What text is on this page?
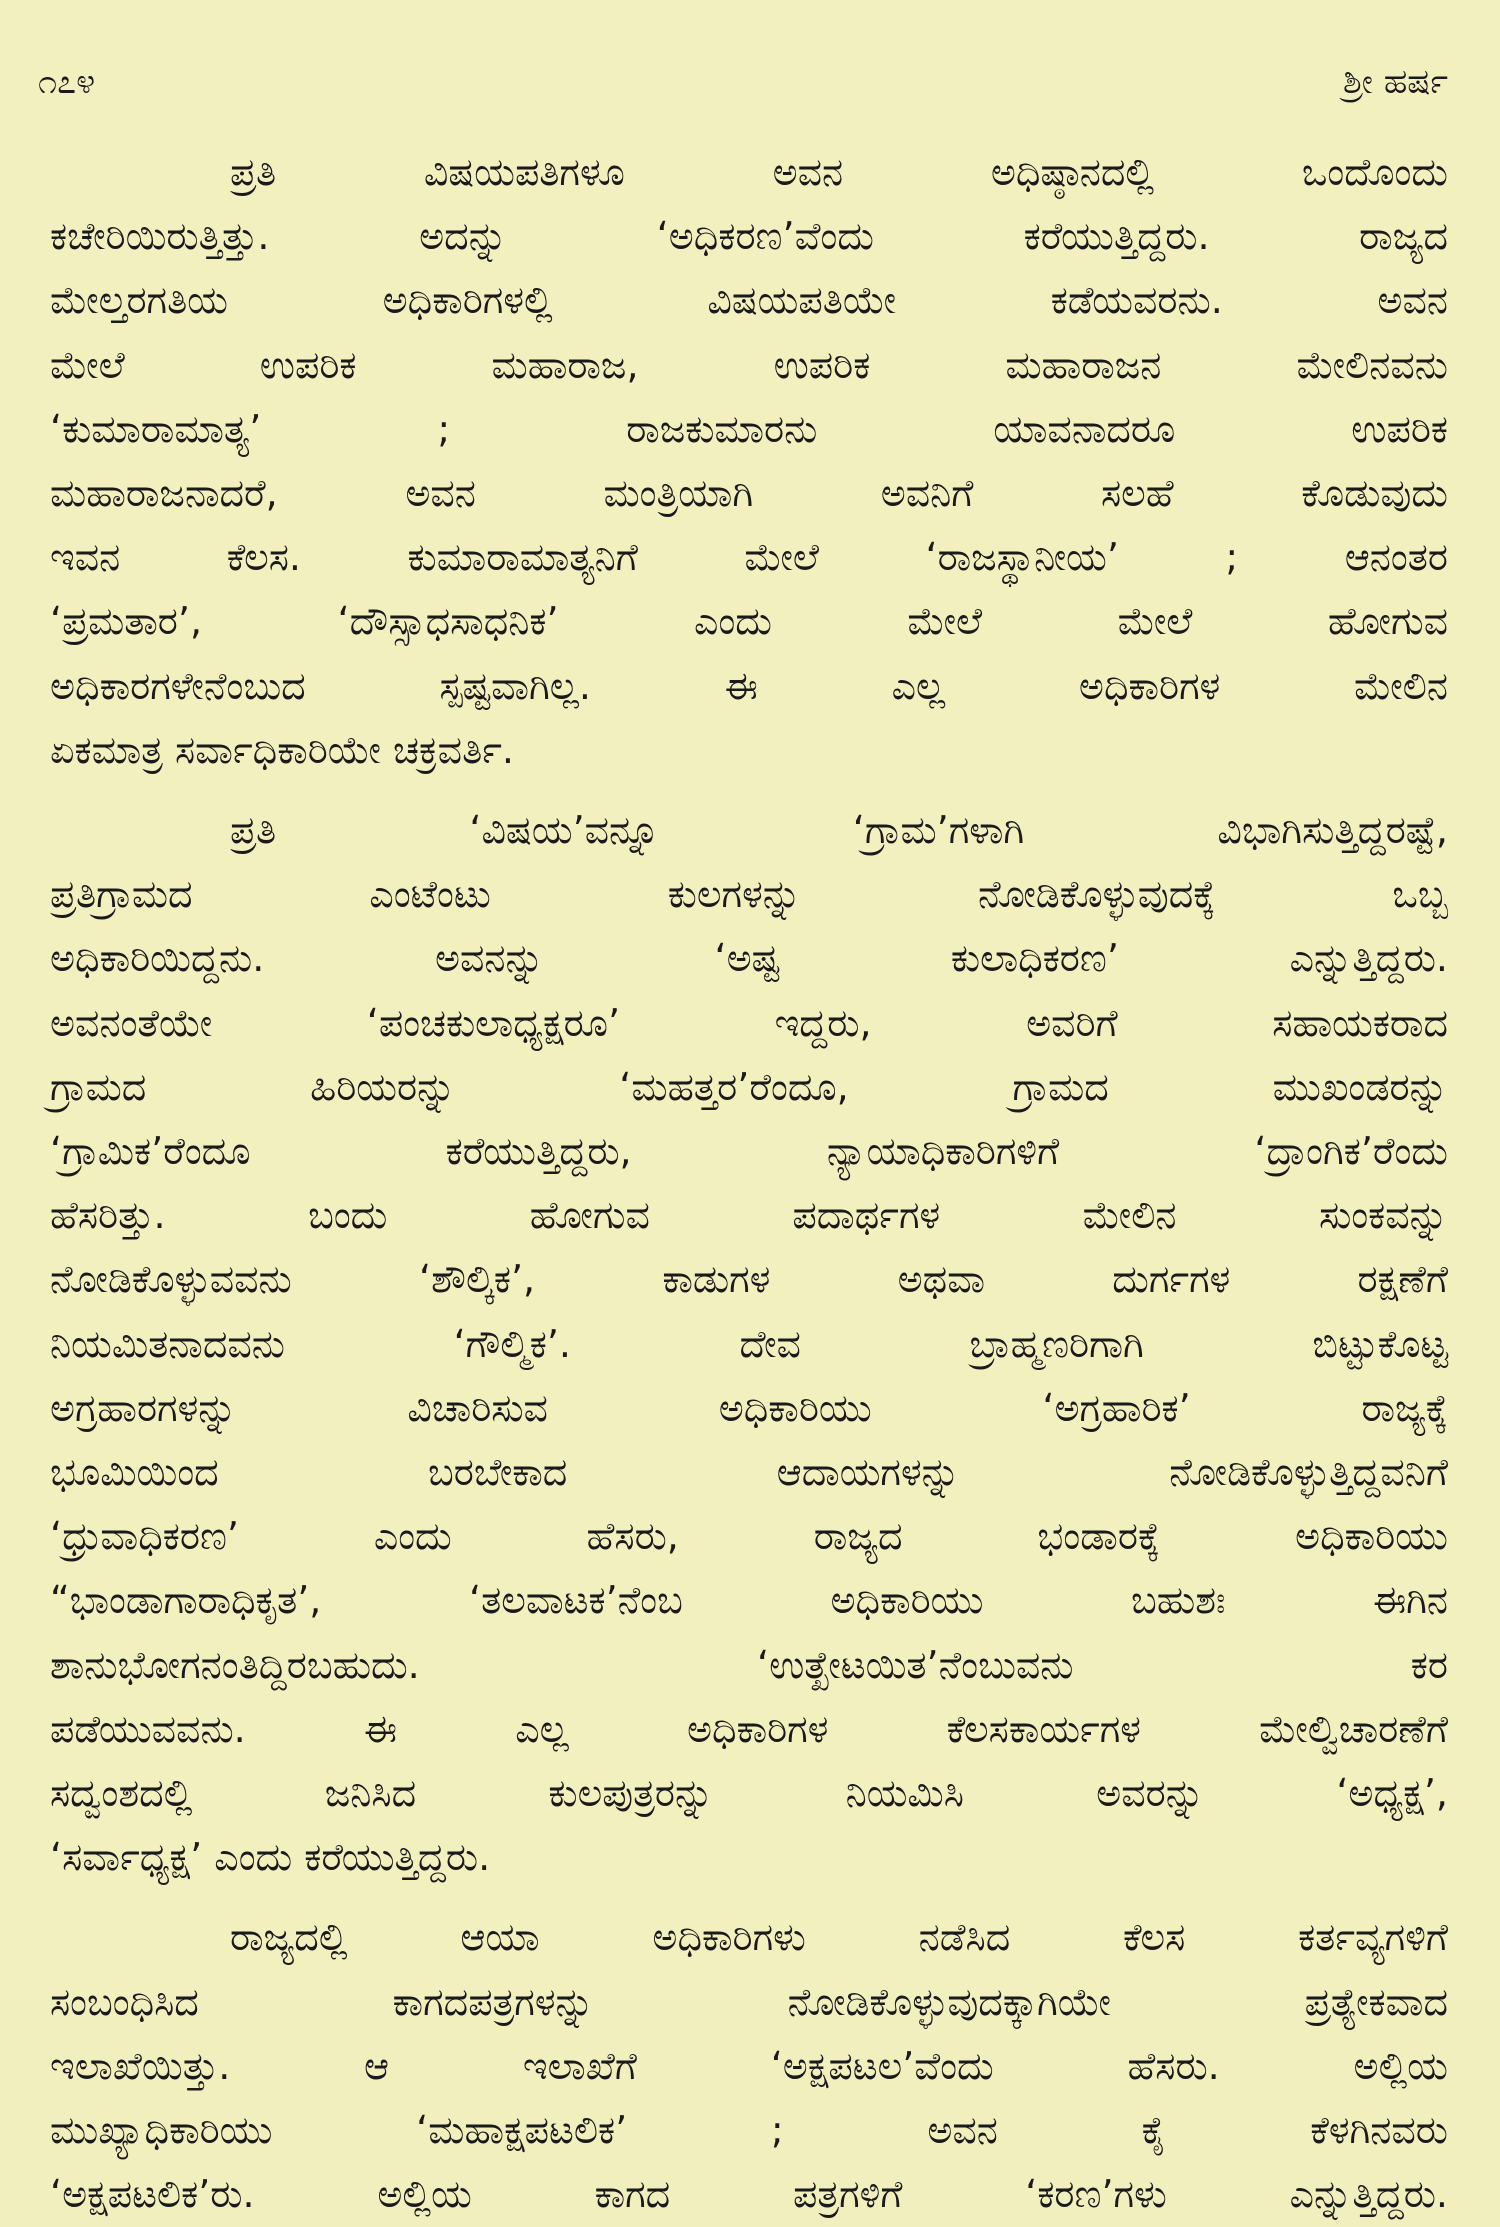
೧೭೪	ಶ್ರೀ ಹರ್ಷ
ಪ್ರತಿ ವಿಷಯಪತಿಗಳೂ ಅವನ ಅಧಿಷ್ಠಾನದಲ್ಲಿ ಒಂದೊಂದು
ಕಚೇರಿಯಿರುತ್ತಿತ್ತು. ಅದನ್ನು ‘ಅಧಿಕರಣ’ವೆಂದು ಕರೆಯುತ್ತಿದ್ದರು. ರಾಜ್ಯದ
ಮೇಲ್ತರಗತಿಯ ಅಧಿಕಾರಿಗಳಲ್ಲಿ ವಿಷಯಪತಿಯೇ ಕಡೆಯವರನು. ಅವನ
ಮೇಲೆ ಉಪರಿಕ ಮಹಾರಾಜ, ಉಪರಿಕ ಮಹಾರಾಜನ ಮೇಲಿನವನು
‘ಕುಮಾರಾಮಾತ್ಯ’ ; ರಾಜಕುಮಾರನು ಯಾವನಾದರೂ ಉಪರಿಕ
ಮಹಾರಾಜನಾದರೆ, ಅವನ ಮಂತ್ರಿಯಾಗಿ ಅವನಿಗೆ ಸಲಹೆ ಕೊಡುವುದು
ಇವನ ಕೆಲಸ. ಕುಮಾರಾಮಾತ್ಯನಿಗೆ ಮೇಲೆ ‘ರಾಜಸ್ಥಾನೀಯ’ ; ಆನಂತರ
‘ಪ್ರಮತಾರ’, ‘ದೌಸ್ಸಾಧಸಾಧನಿಕ’ ಎಂದು ಮೇಲೆ ಮೇಲೆ ಹೋಗುವ
ಅಧಿಕಾರಗಳೇನೆಂಬುದ ಸ್ಪಷ್ಟವಾಗಿಲ್ಲ. ಈ ಎಲ್ಲ ಅಧಿಕಾರಿಗಳ ಮೇಲಿನ
ಏಕಮಾತ್ರ ಸರ್ವಾಧಿಕಾರಿಯೇ ಚಕ್ರವರ್ತಿ.
ಪ್ರತಿ ‘ವಿಷಯ’ವನ್ನೂ ‘ಗ್ರಾಮ’ಗಳಾಗಿ ವಿಭಾಗಿಸುತ್ತಿದ್ದರಷ್ಟೆ,
ಪ್ರತಿಗ್ರಾಮದ ಎಂಟೆಂಟು ಕುಲಗಳನ್ನು ನೋಡಿಕೊಳ್ಳುವುದಕ್ಕೆ ಒಬ್ಬ
ಅಧಿಕಾರಿಯಿದ್ದನು. ಅವನನ್ನು ‘ಅಷ್ಟ ಕುಲಾಧಿಕರಣ’ ಎನ್ನುತ್ತಿದ್ದರು.
ಅವನಂತೆಯೇ ‘ಪಂಚಕುಲಾಧ್ಯಕ್ಷರೂ’ ಇದ್ದರು, ಅವರಿಗೆ ಸಹಾಯಕರಾದ
ಗ್ರಾಮದ ಹಿರಿಯರನ್ನು ‘ಮಹತ್ತರ’ರೆಂದೂ, ಗ್ರಾಮದ ಮುಖಂಡರನ್ನು
‘ಗ್ರಾಮಿಕ’ರೆಂದೂ ಕರೆಯುತ್ತಿದ್ದರು, ನ್ಯಾಯಾಧಿಕಾರಿಗಳಿಗೆ ‘ದ್ರಾಂಗಿಕ’ರೆಂದು
ಹೆಸರಿತ್ತು. ಬಂದು ಹೋಗುವ ಪದಾರ್ಥಗಳ ಮೇಲಿನ ಸುಂಕವನ್ನು
ನೋಡಿಕೊಳ್ಳುವವನು ‘ಶೌಲ್ಕಿಕ’, ಕಾಡುಗಳ ಅಥವಾ ದುರ್ಗಗಳ ರಕ್ಷಣೆಗೆ
ನಿಯಮಿತನಾದವನು ‘ಗೌಲ್ಮಿಕ’. ದೇವ ಬ್ರಾಹ್ಮಣರಿಗಾಗಿ ಬಿಟ್ಟುಕೊಟ್ಟ
ಅಗ್ರಹಾರಗಳನ್ನು ವಿಚಾರಿಸುವ ಅಧಿಕಾರಿಯು ‘ಅಗ್ರಹಾರಿಕ’ ರಾಜ್ಯಕ್ಕೆ
ಭೂಮಿಯಿಂದ ಬರಬೇಕಾದ ಆದಾಯಗಳನ್ನು ನೋಡಿಕೊಳ್ಳುತ್ತಿದ್ದವನಿಗೆ
‘ಧ್ರುವಾಧಿಕರಣ’ ಎಂದು ಹೆಸರು, ರಾಜ್ಯದ ಭಂಡಾರಕ್ಕೆ ಅಧಿಕಾರಿಯು
“ಭಾಂಡಾಗಾರಾಧಿಕೃತ’, ‘ತಲವಾಟಕ’ನೆಂಬ ಅಧಿಕಾರಿಯು ಬಹುಶಃ ಈಗಿನ
ಶಾನುಭೋಗನಂತಿದ್ದಿರಬಹುದು. ‘ಉತ್ಖೇಟಯಿತ’ನೆಂಬುವನು ಕರ
ಪಡೆಯುವವನು. ಈ ಎಲ್ಲ ಅಧಿಕಾರಿಗಳ ಕೆಲಸಕಾರ್ಯಗಳ ಮೇಲ್ವಿಚಾರಣೆಗೆ
ಸದ್ವಂಶದಲ್ಲಿ ಜನಿಸಿದ ಕುಲಪುತ್ರರನ್ನು ನಿಯಮಿಸಿ ಅವರನ್ನು ‘ಅಧ್ಯಕ್ಷ’,
‘ಸರ್ವಾಧ್ಯಕ್ಷ’ ಎಂದು ಕರೆಯುತ್ತಿದ್ದರು.
ರಾಜ್ಯದಲ್ಲಿ ಆಯಾ ಅಧಿಕಾರಿಗಳು ನಡೆಸಿದ ಕೆಲಸ ಕರ್ತವ್ಯಗಳಿಗೆ
ಸಂಬಂಧಿಸಿದ ಕಾಗದಪತ್ರಗಳನ್ನು ನೋಡಿಕೊಳ್ಳುವುದಕ್ಕಾಗಿಯೇ ಪ್ರತ್ಯೇಕವಾದ
ಇಲಾಖೆಯಿತ್ತು. ಆ ಇಲಾಖೆಗೆ ‘ಅಕ್ಷಪಟಲ’ವೆಂದು ಹೆಸರು. ಅಲ್ಲಿಯ
ಮುಖ್ಯಾಧಿಕಾರಿಯು ‘ಮಹಾಕ್ಷಪಟಲಿಕ’ ; ಅವನ ಕೈ ಕೆಳಗಿನವರು
‘ಅಕ್ಷಪಟಲಿಕ’ರು. ಅಲ್ಲಿಯ ಕಾಗದ ಪತ್ರಗಳಿಗೆ ‘ಕರಣ’ಗಳು ಎನ್ನುತ್ತಿದ್ದರು.
